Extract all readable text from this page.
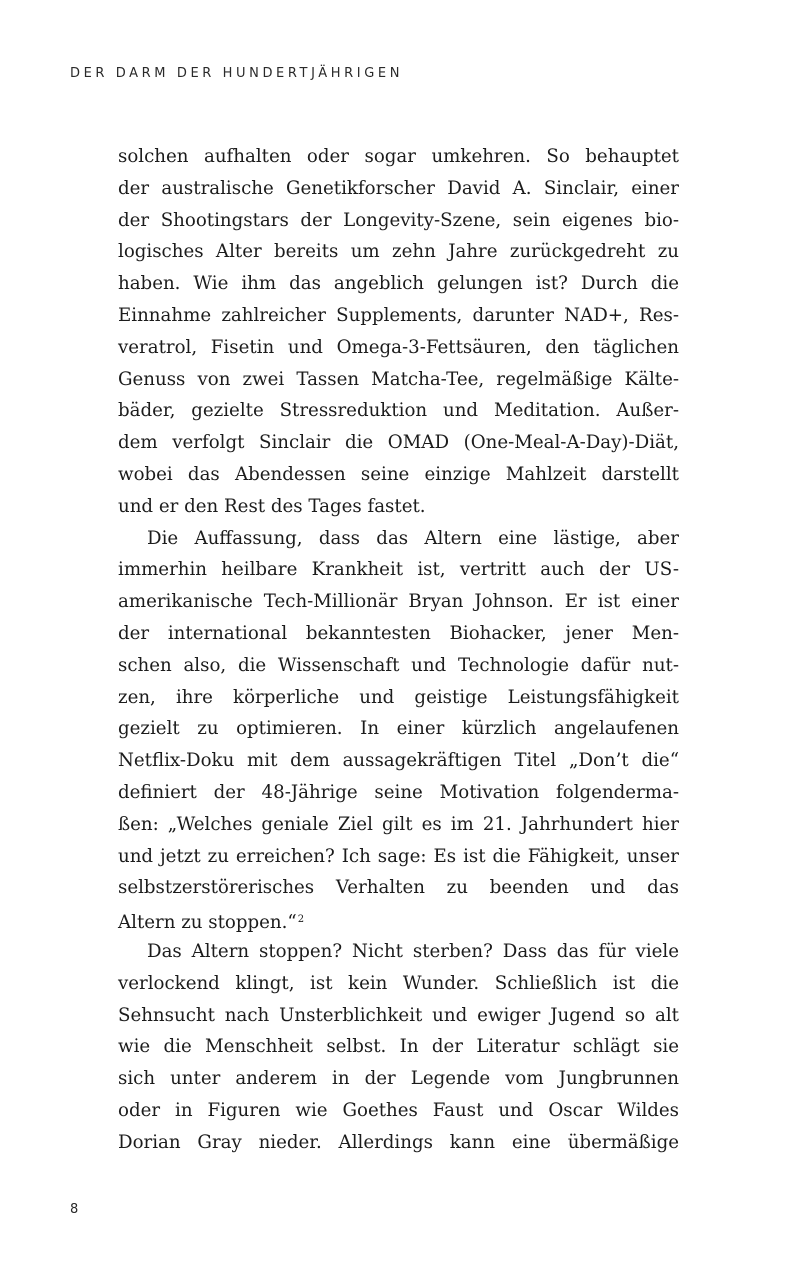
DER DARM DER HUNDERTJÄHRIGEN
solchen aufhalten oder sogar umkehren. So behauptet
der australische Genetikforscher David A. Sinclair, einer
der Shootingstars der Longevity-Szene, sein eigenes bio-
logisches Alter bereits um zehn Jahre zurückgedreht zu
haben. Wie ihm das angeblich gelungen ist? Durch die
Einnahme zahlreicher Supplements, darunter NAD+, Res-
veratrol, Fisetin und Omega-3-Fettsäuren, den täglichen
Genuss von zwei Tassen Matcha-Tee, regelmäßige Kälte-
bäder, gezielte Stressreduktion und Meditation. Außer-
dem verfolgt Sinclair die OMAD (One-Meal-A-Day)-Diät,
wobei das Abendessen seine einzige Mahlzeit darstellt
und er den Rest des Tages fastet.
Die Auffassung, dass das Altern eine lästige, aber
immerhin heilbare Krankheit ist, vertritt auch der US-
amerikanische Tech-Millionär Bryan Johnson. Er ist einer
der international bekanntesten Biohacker, jener Men-
schen also, die Wissenschaft und Technologie dafür nut-
zen, ihre körperliche und geistige Leistungsfähigkeit
gezielt zu optimieren. In einer kürzlich angelaufenen
Netflix-Doku mit dem aussagekräftigen Titel „Don’t die“
definiert der 48-Jährige seine Motivation folgenderma-
ßen: „Welches geniale Ziel gilt es im 21. Jahrhundert hier
und jetzt zu erreichen? Ich sage: Es ist die Fähigkeit, unser
selbstzerstörerisches Verhalten zu beenden und das
Altern zu stoppen.“$^2$
Das Altern stoppen? Nicht sterben? Dass das für viele
verlockend klingt, ist kein Wunder. Schließlich ist die
Sehnsucht nach Unsterblichkeit und ewiger Jugend so alt
wie die Menschheit selbst. In der Literatur schlägt sie
sich unter anderem in der Legende vom Jungbrunnen
oder in Figuren wie Goethes Faust und Oscar Wildes
Dorian Gray nieder. Allerdings kann eine übermäßige
8
